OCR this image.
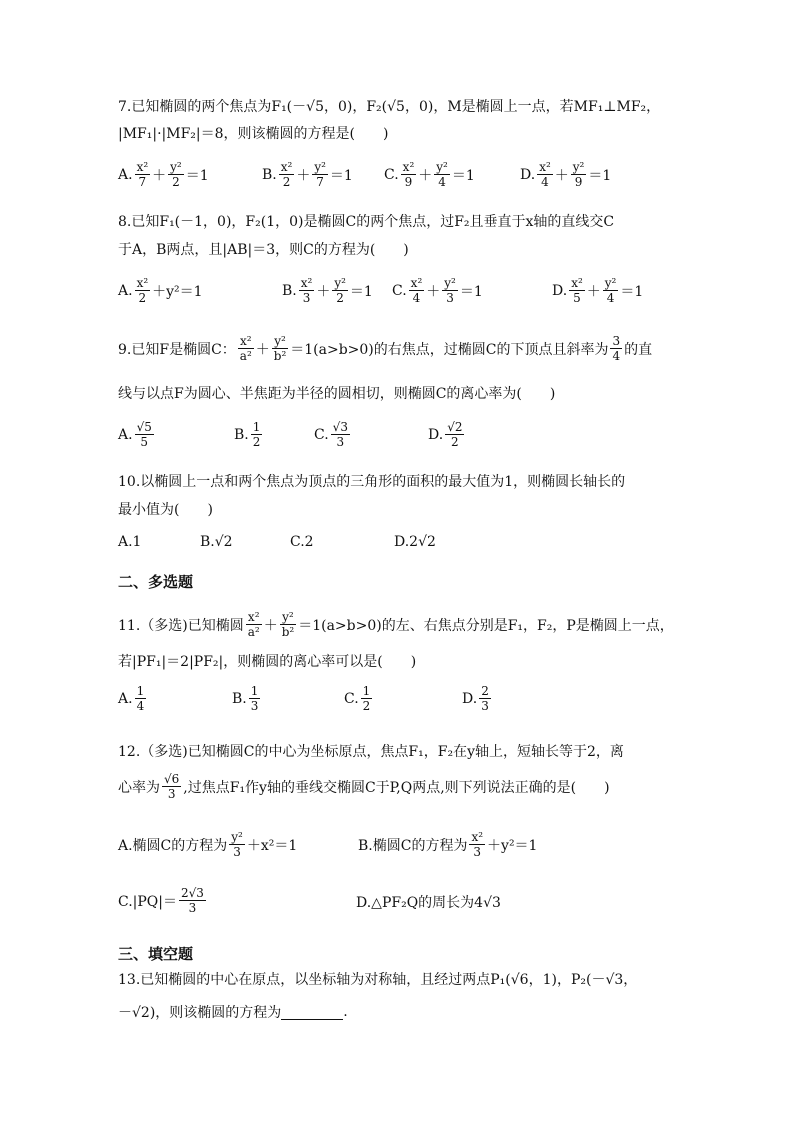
7.已知椭圆的两个焦点为F₁(－√5，0)，F₂(√5，0)，M是椭圆上一点，若MF₁⊥MF₂，
|MF₁|·|MF₂|＝8，则该椭圆的方程是(　　)
A. $\frac{\text{x²}}{7} + \frac{\text{y²}}{2} =1$	B. $\frac{\text{x²}}{2} + \frac{\text{y²}}{7} =1$ C. $\frac{\text{x²}}{9} + \frac{\text{y²}}{4} =1$	D. $\frac{\text{x²}}{4} + \frac{\text{y²}}{9} =1$
8.已知F₁(－1，0)，F₂(1，0)是椭圆C的两个焦点，过F₂且垂直于x轴的直线交C
于A，B两点，且|AB|＝3，则C的方程为(　　)
A. $\frac{\text{x²}}{2} +y^2=1$	B. $\frac{\text{x²}}{3} + \frac{\text{y²}}{2} =1$ C. $\frac{\text{x²}}{4} + \frac{\text{y²}}{3} =1$	D. $\frac{\text{x²}}{5} + \frac{\text{y²}}{4} =1$
9.已知F是椭圆C： $\frac{\text{x²}}{\text{a²}} + \frac{\text{y²}}{\text{b²}} =1(a>b>0)$的右焦点，过椭圆C的下顶点且斜率为 $\frac{3}{4}$ 的直
线与以点F为圆心、半焦距为半径的圆相切，则椭圆C的离心率为(　　)
A. $\frac{√5}{5}$	B. $\frac{1}{2}$	C. $\frac{√3}{3}$	D. $\frac{√2}{2}$
10.以椭圆上一点和两个焦点为顶点的三角形的面积的最大值为1，则椭圆长轴长的
最小值为(　　)
A.1	B.√2	C.2	D.2√2
二、多选题
11.（多选)已知椭圆 $\frac{\text{x²}}{\text{a²}} + \frac{\text{y²}}{\text{b²}} =1(a>b>0)$的左、右焦点分别是F₁，F₂，P是椭圆上一点，
若|PF₁|＝2|PF₂|，则椭圆的离心率可以是(　　)
A. $\frac{1}{4}$	B. $\frac{1}{3}$	C. $\frac{1}{2}$	D. $\frac{2}{3}$
12.（多选)已知椭圆C的中心为坐标原点，焦点F₁，F₂在y轴上，短轴长等于2，离
心率为 $\frac{√6}{3}$ ,过焦点F₁作y轴的垂线交椭圆C于P,Q两点,则下列说法正确的是(　　)
A.椭圆C的方程为 $\frac{\text{y²}}{3} +x^2=1$	B.椭圆C的方程为 $\frac{\text{x²}}{3} +y^2=1$
$C.|PQ|= \frac{2√3}{3}$	D.△PF₂Q的周长为4√3
三、填空题
13.已知椭圆的中心在原点，以坐标轴为对称轴，且经过两点P₁(√6，1)，P₂(－√3，
－√2)，则该椭圆的方程为	.
